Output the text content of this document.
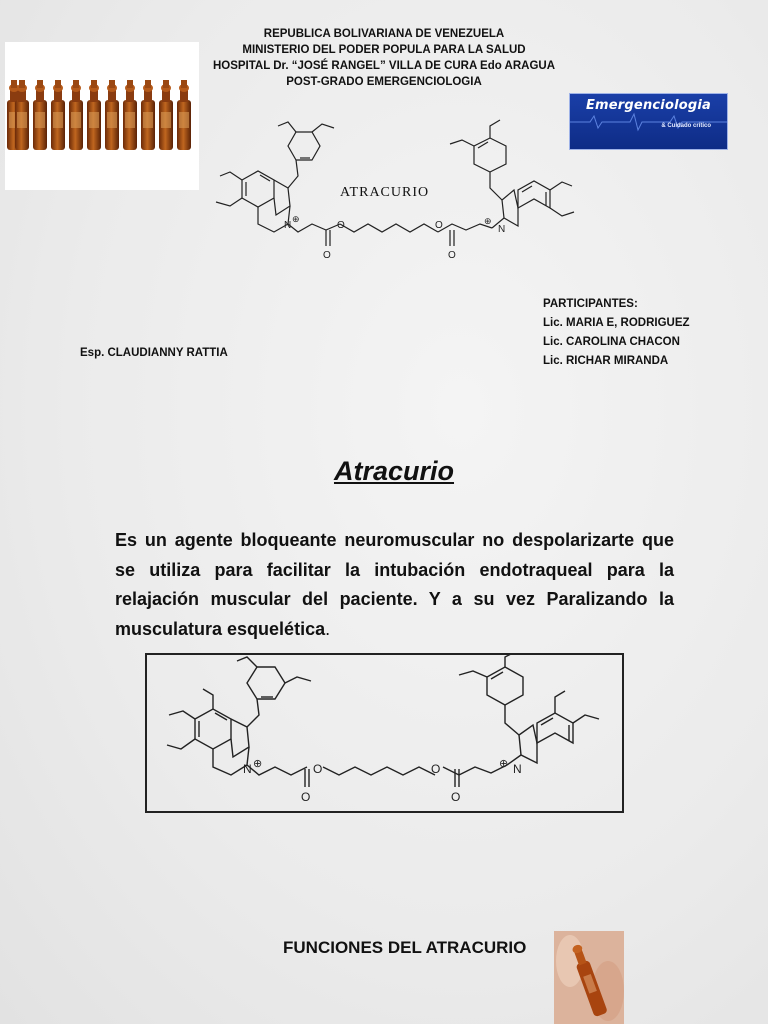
REPUBLICA BOLIVARIANA DE VENEZUELA
MINISTERIO DEL PODER POPULA PARA LA SALUD
HOSPITAL Dr. “JOSÉ RANGEL” VILLA DE CURA Edo ARAGUA
POST-GRADO EMERGENCIOLOGIA
Emergenciologia
& Cuidado crítico
N
⊕
N
⊕
O	O
O	O
ATRACURIO
PARTICIPANTES:
Lic. MARIA E, RODRIGUEZ
Lic. CAROLINA CHACON
Lic. RICHAR MIRANDA
Esp. CLAUDIANNY RATTIA
Atracurio
Es un agente bloqueante neuromuscular no despolarizarte que se utiliza para facilitar la intubación endotraqueal para la relajación muscular del paciente. Y a su vez Paralizando la musculatura esquelética.
N ⊕	N
⊕
O	O
O	O
FUNCIONES DEL ATRACURIO
